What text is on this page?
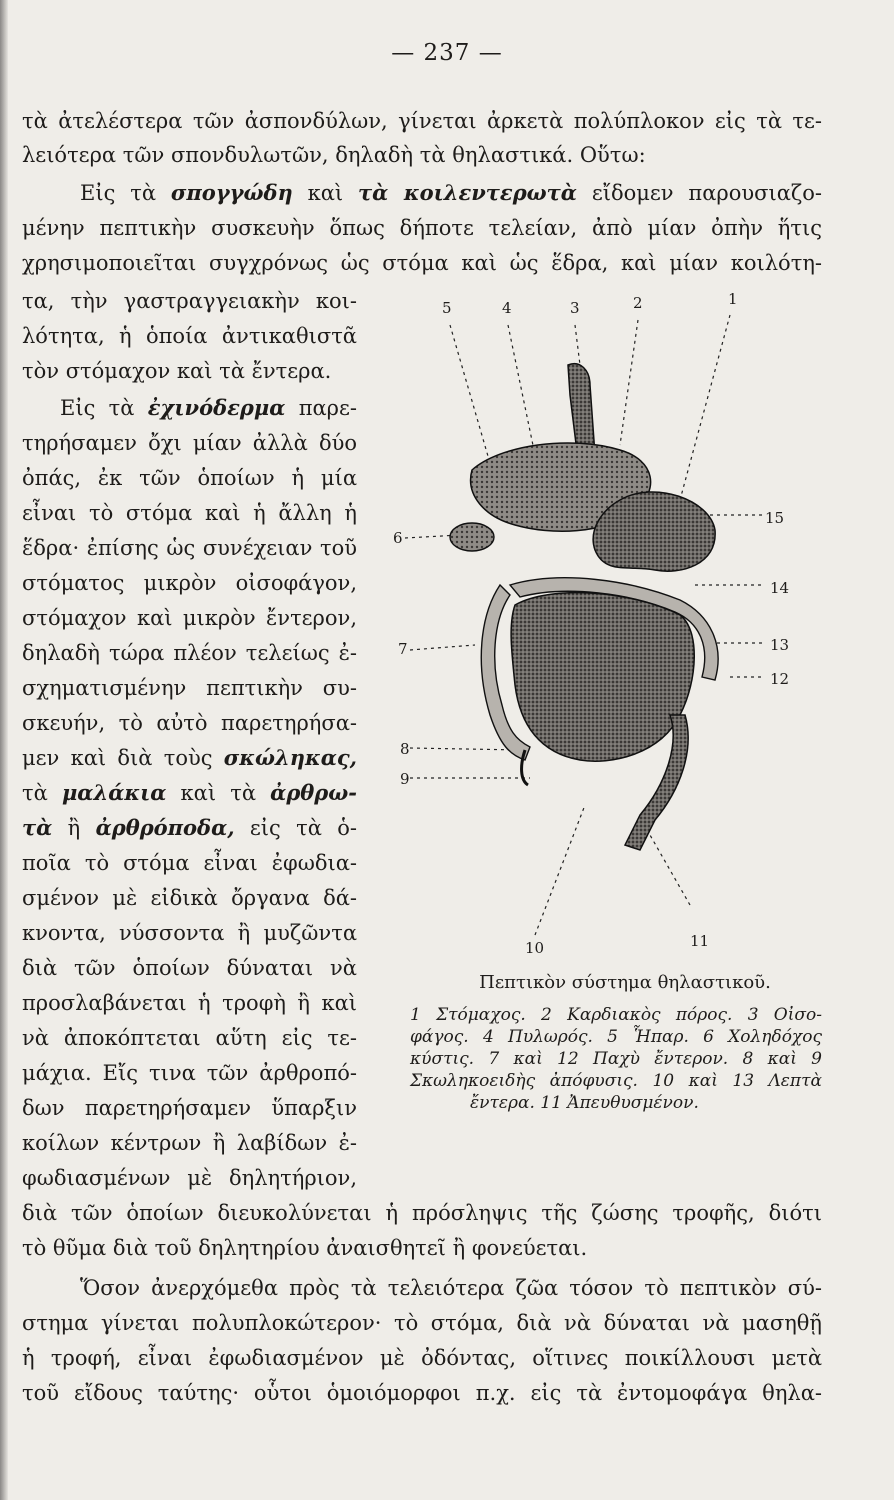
— 237 —
τὰ ἀτελέστερα τῶν ἀσπονδύλων, γίνεται ἀρκετὰ πολύπλοκον εἰς τὰ τε-
λειότερα τῶν σπονδυλωτῶν, δηλαδὴ τὰ θηλαστικά. Οὕτω:
Εἰς τὰ σπογγώδη καὶ τὰ κοιλεντερωτὰ εἴδομεν παρουσιαζο-
μένην πεπτικὴν συσκευὴν ὅπως δήποτε τελείαν, ἀπὸ μίαν ὀπὴν ἥτις
χρησιμοποιεῖται συγχρόνως ὡς στόμα καὶ ὡς ἕδρα, καὶ μίαν κοιλότη-
τα, τὴν γαστραγγειακὴν κοι-
λότητα, ἡ ὁποία ἀντικαθιστᾶ
τὸν στόμαχον καὶ τὰ ἔντερα.
Εἰς τὰ ἐχινόδερμα παρε-
τηρήσαμεν ὄχι μίαν ἀλλὰ δύο
ὀπάς, ἐκ τῶν ὁποίων ἡ μία
εἶναι τὸ στόμα καὶ ἡ ἄλλη ἡ
ἕδρα· ἐπίσης ὡς συνέχειαν τοῦ
στόματος μικρὸν οἰσοφάγον,
στόμαχον καὶ μικρὸν ἔντερον,
δηλαδὴ τώρα πλέον τελείως ἐ-
σχηματισμένην πεπτικὴν συ-
σκευήν, τὸ αὐτὸ παρετηρήσα-
μεν καὶ διὰ τοὺς σκώληκας,
τὰ μαλάκια καὶ τὰ ἀρθρω-
τὰ ἢ ἀρθρόποδα, εἰς τὰ ὁ-
ποῖα τὸ στόμα εἶναι ἐφωδια-
σμένον μὲ εἰδικὰ ὄργανα δά-
κνοντα, νύσσοντα ἢ μυζῶντα
διὰ τῶν ὁποίων δύναται νὰ
προσλαβάνεται ἡ τροφὴ ἢ καὶ
νὰ ἀποκόπτεται αὕτη εἰς τε-
μάχια. Εἴς τινα τῶν ἀρθροπό-
δων παρετηρήσαμεν ὕπαρξιν
κοίλων κέντρων ἢ λαβίδων ἐ-
φωδιασμένων μὲ δηλητήριον,
διὰ τῶν ὁποίων διευκολύνεται ἡ πρόσληψις τῆς ζώσης τροφῆς, διότι
τὸ θῦμα διὰ τοῦ δηλητηρίου ἀναισθητεῖ ἢ φονεύεται.
Ὅσον ἀνερχόμεθα πρὸς τὰ τελειότερα ζῶα τόσον τὸ πεπτικὸν σύ-
στημα γίνεται πολυπλοκώτερον· τὸ στόμα, διὰ νὰ δύναται νὰ μασηθῇ
ἡ τροφή, εἶναι ἐφωδιασμένον μὲ ὀδόντας, οἵτινες ποικίλλουσι μετὰ
τοῦ εἴδους ταύτης· οὗτοι ὁμοιόμορφοι π.χ. εἰς τὰ ἐντομοφάγα θηλα-
5	4	3	2	1
15
14
13
12
6
7
8
9
10	11
Πεπτικὸν σύστημα θηλαστικοῦ.
1 Στόμαχος. 2 Καρδιακὸς πόρος. 3 Οἰσο-
φάγος. 4 Πυλωρός. 5 Ἧπαρ. 6 Χοληδόχος
κύστις. 7 καὶ 12 Παχὺ ἔντερον. 8 καὶ 9
Σκωληκοειδὴς ἀπόφυσις. 10 καὶ 13 Λεπτὰ
ἔντερα. 11 Ἀπευθυσμένον.
